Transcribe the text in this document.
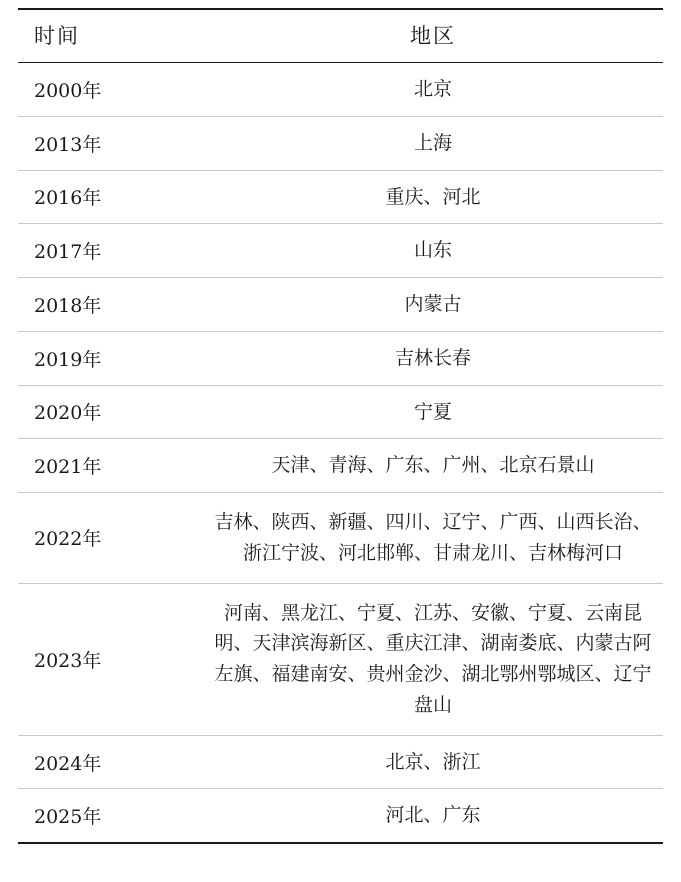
时间	地区
2000年	北京
2013年	上海
2016年	重庆、河北
2017年	山东
2018年	内蒙古
2019年	吉林长春
2020年	宁夏
2021年	天津、青海、广东、广州、北京石景山
2022年	吉林、陕西、新疆、四川、辽宁、广西、山西长治、浙江宁波、河北邯郸、甘肃龙川、吉林梅河口
2023年	河南、黑龙江、宁夏、江苏、安徽、宁夏、云南昆明、天津滨海新区、重庆江津、湖南娄底、内蒙古阿左旗、福建南安、贵州金沙、湖北鄂州鄂城区、辽宁盘山
2024年	北京、浙江
2025年	河北、广东
